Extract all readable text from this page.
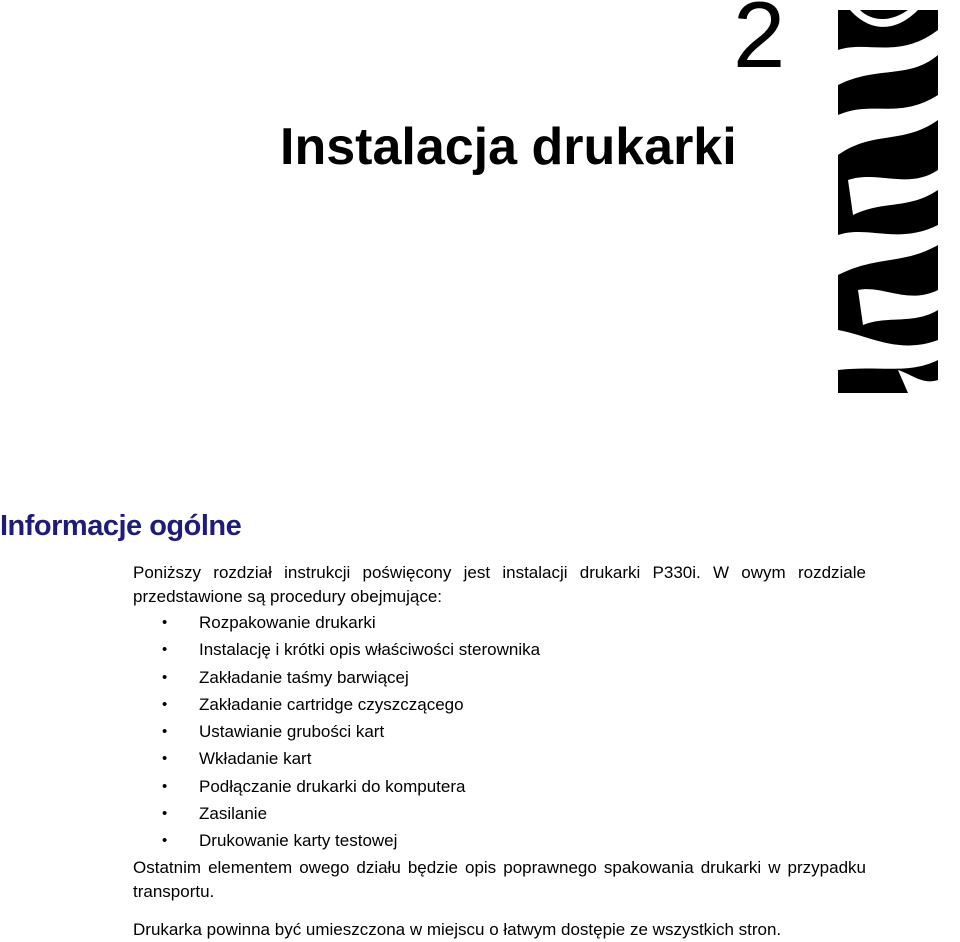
2
Instalacja drukarki
Informacje ogólne

Poniższy rozdział instrukcji poświęcony jest instalacji drukarki P330i. W owym rozdziale przedstawione są procedury obejmujące:

• Rozpakowanie drukarki
• Instalację i krótki opis właściwości sterownika
• Zakładanie taśmy barwiącej
• Zakładanie cartridge czyszczącego
• Ustawianie grubości kart
• Wkładanie kart
• Podłączanie drukarki do komputera
• Zasilanie
• Drukowanie karty testowej

Ostatnim elementem owego działu będzie opis poprawnego spakowania drukarki w przypadku transportu.

Drukarka powinna być umieszczona w miejscu o łatwym dostępie ze wszystkich stron.
